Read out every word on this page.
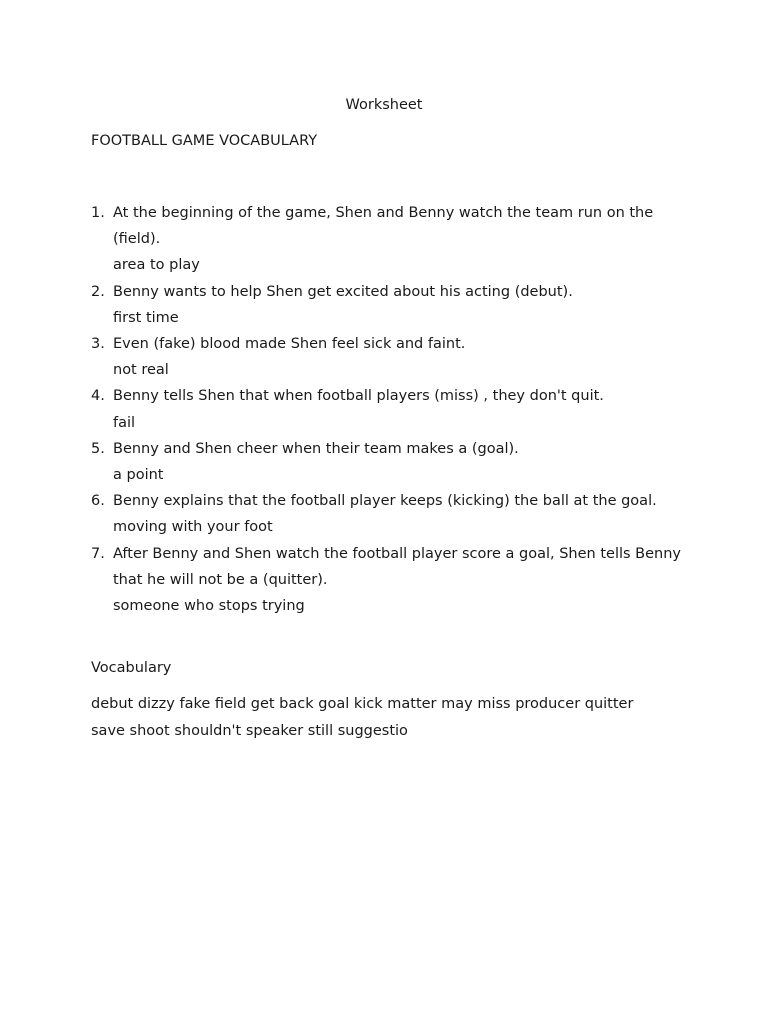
Worksheet
FOOTBALL GAME VOCABULARY
1. At the beginning of the game, Shen and Benny watch the team run on the (field).
area to play
2. Benny wants to help Shen get excited about his acting (debut).
first time
3. Even (fake) blood made Shen feel sick and faint.
not real
4. Benny tells Shen that when football players (miss) , they don't quit.
fail
5. Benny and Shen cheer when their team makes a (goal).
a point
6. Benny explains that the football player keeps (kicking) the ball at the goal.
moving with your foot
7. After Benny and Shen watch the football player score a goal, Shen tells Benny that he will not be a (quitter).
someone who stops trying
Vocabulary
debut dizzy fake field get back goal kick matter may miss producer quitter save shoot shouldn't speaker still suggestio
